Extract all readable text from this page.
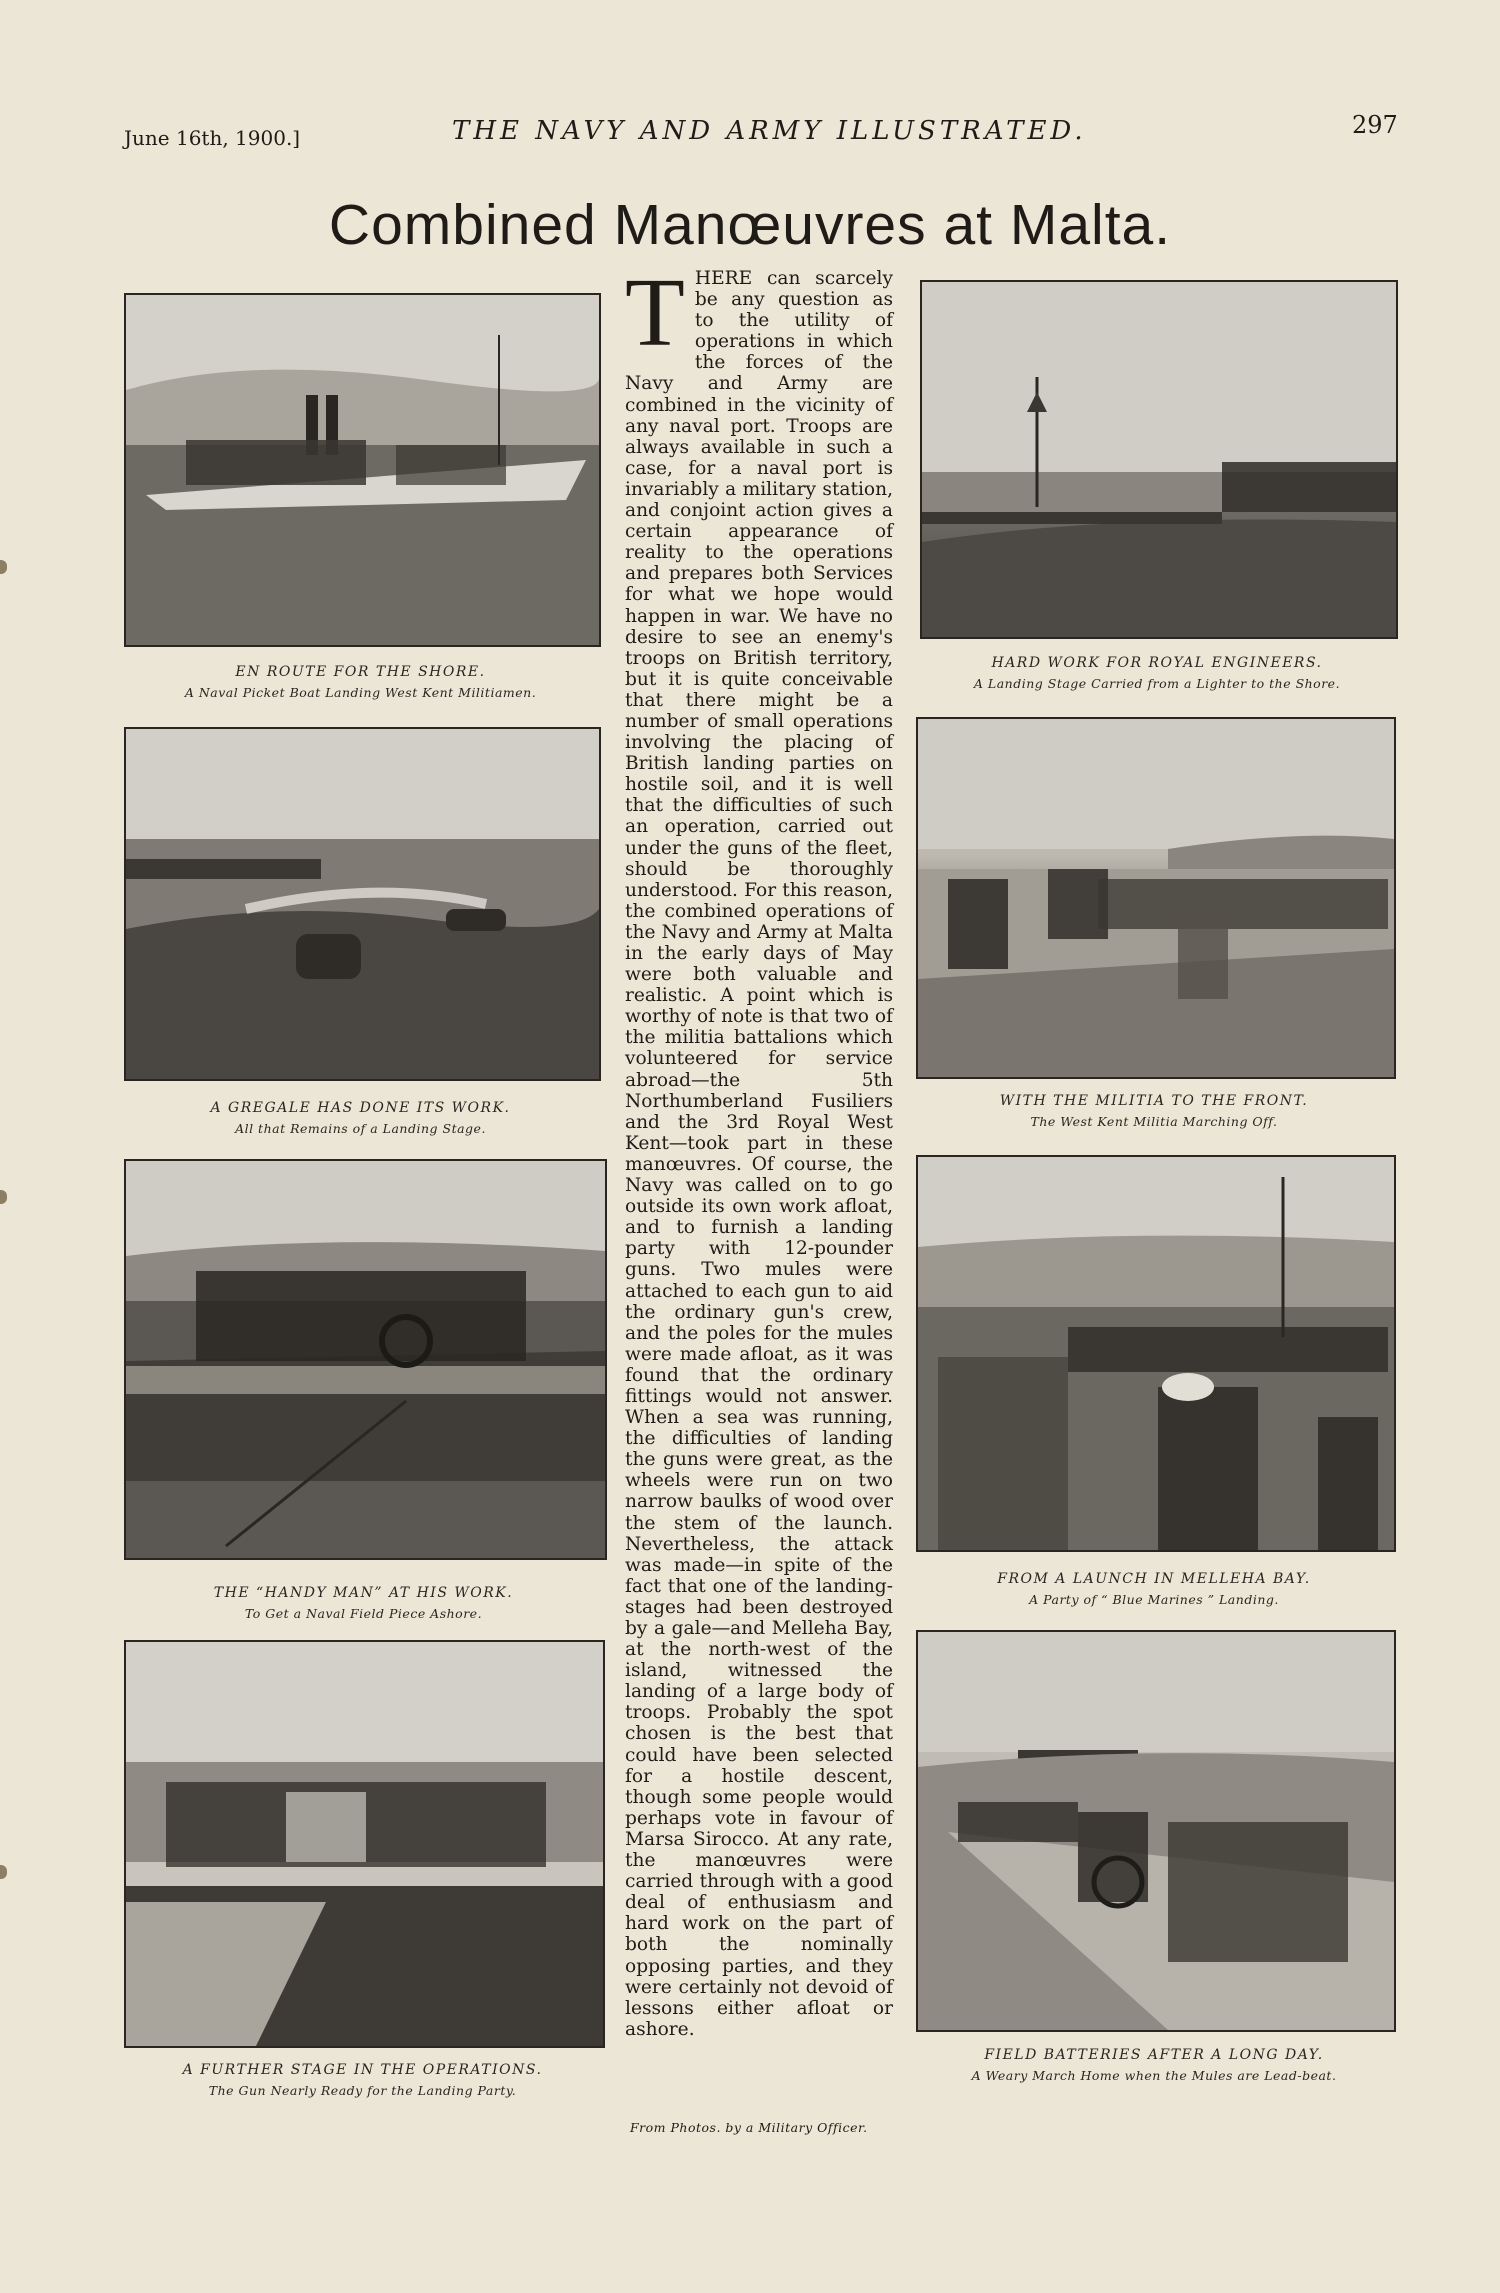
June 16th, 1900.]	THE NAVY AND ARMY ILLUSTRATED.	297
Combined Manœuvres at Malta.
EN ROUTE FOR THE SHORE.
A Naval Picket Boat Landing West Kent Militiamen.
A GREGALE HAS DONE ITS WORK.
All that Remains of a Landing Stage.
THE “HANDY MAN” AT HIS WORK.
To Get a Naval Field Piece Ashore.
A FURTHER STAGE IN THE OPERATIONS.
The Gun Nearly Ready for the Landing Party.
THERE can scarcely be any question as to the utility of operations in which the forces of the Navy and Army are combined in the vicinity of any naval port. Troops are always available in such a case, for a naval port is invariably a military station, and conjoint action gives a certain appearance of reality to the operations and prepares both Services for what we hope would happen in war. We have no desire to see an enemy's troops on British territory, but it is quite conceivable that there might be a number of small operations involving the placing of British landing parties on hostile soil, and it is well that the difficulties of such an operation, carried out under the guns of the fleet, should be thoroughly understood. For this reason, the combined operations of the Navy and Army at Malta in the early days of May were both valuable and realistic. A point which is worthy of note is that two of the militia battalions which volunteered for service abroad—the 5th Northumberland Fusiliers and the 3rd Royal West Kent—took part in these manœuvres. Of course, the Navy was called on to go outside its own work afloat, and to furnish a landing party with 12-pounder guns. Two mules were attached to each gun to aid the ordinary gun's crew, and the poles for the mules were made afloat, as it was found that the ordinary fittings would not answer. When a sea was running, the difficulties of landing the guns were great, as the wheels were run on two narrow baulks of wood over the stem of the launch. Nevertheless, the attack was made—in spite of the fact that one of the landing-stages had been destroyed by a gale—and Melleha Bay, at the north-west of the island, witnessed the landing of a large body of troops. Probably the spot chosen is the best that could have been selected for a hostile descent, though some people would perhaps vote in favour of Marsa Sirocco. At any rate, the manœuvres were carried through with a good deal of enthusiasm and hard work on the part of both the nominally opposing parties, and they were certainly not devoid of lessons either afloat or ashore.
HARD WORK FOR ROYAL ENGINEERS.
A Landing Stage Carried from a Lighter to the Shore.
WITH THE MILITIA TO THE FRONT.
The West Kent Militia Marching Off.
FROM A LAUNCH IN MELLEHA BAY.
A Party of “ Blue Marines ” Landing.
FIELD BATTERIES AFTER A LONG DAY.
A Weary March Home when the Mules are Lead-beat.
From Photos. by a Military Officer.
